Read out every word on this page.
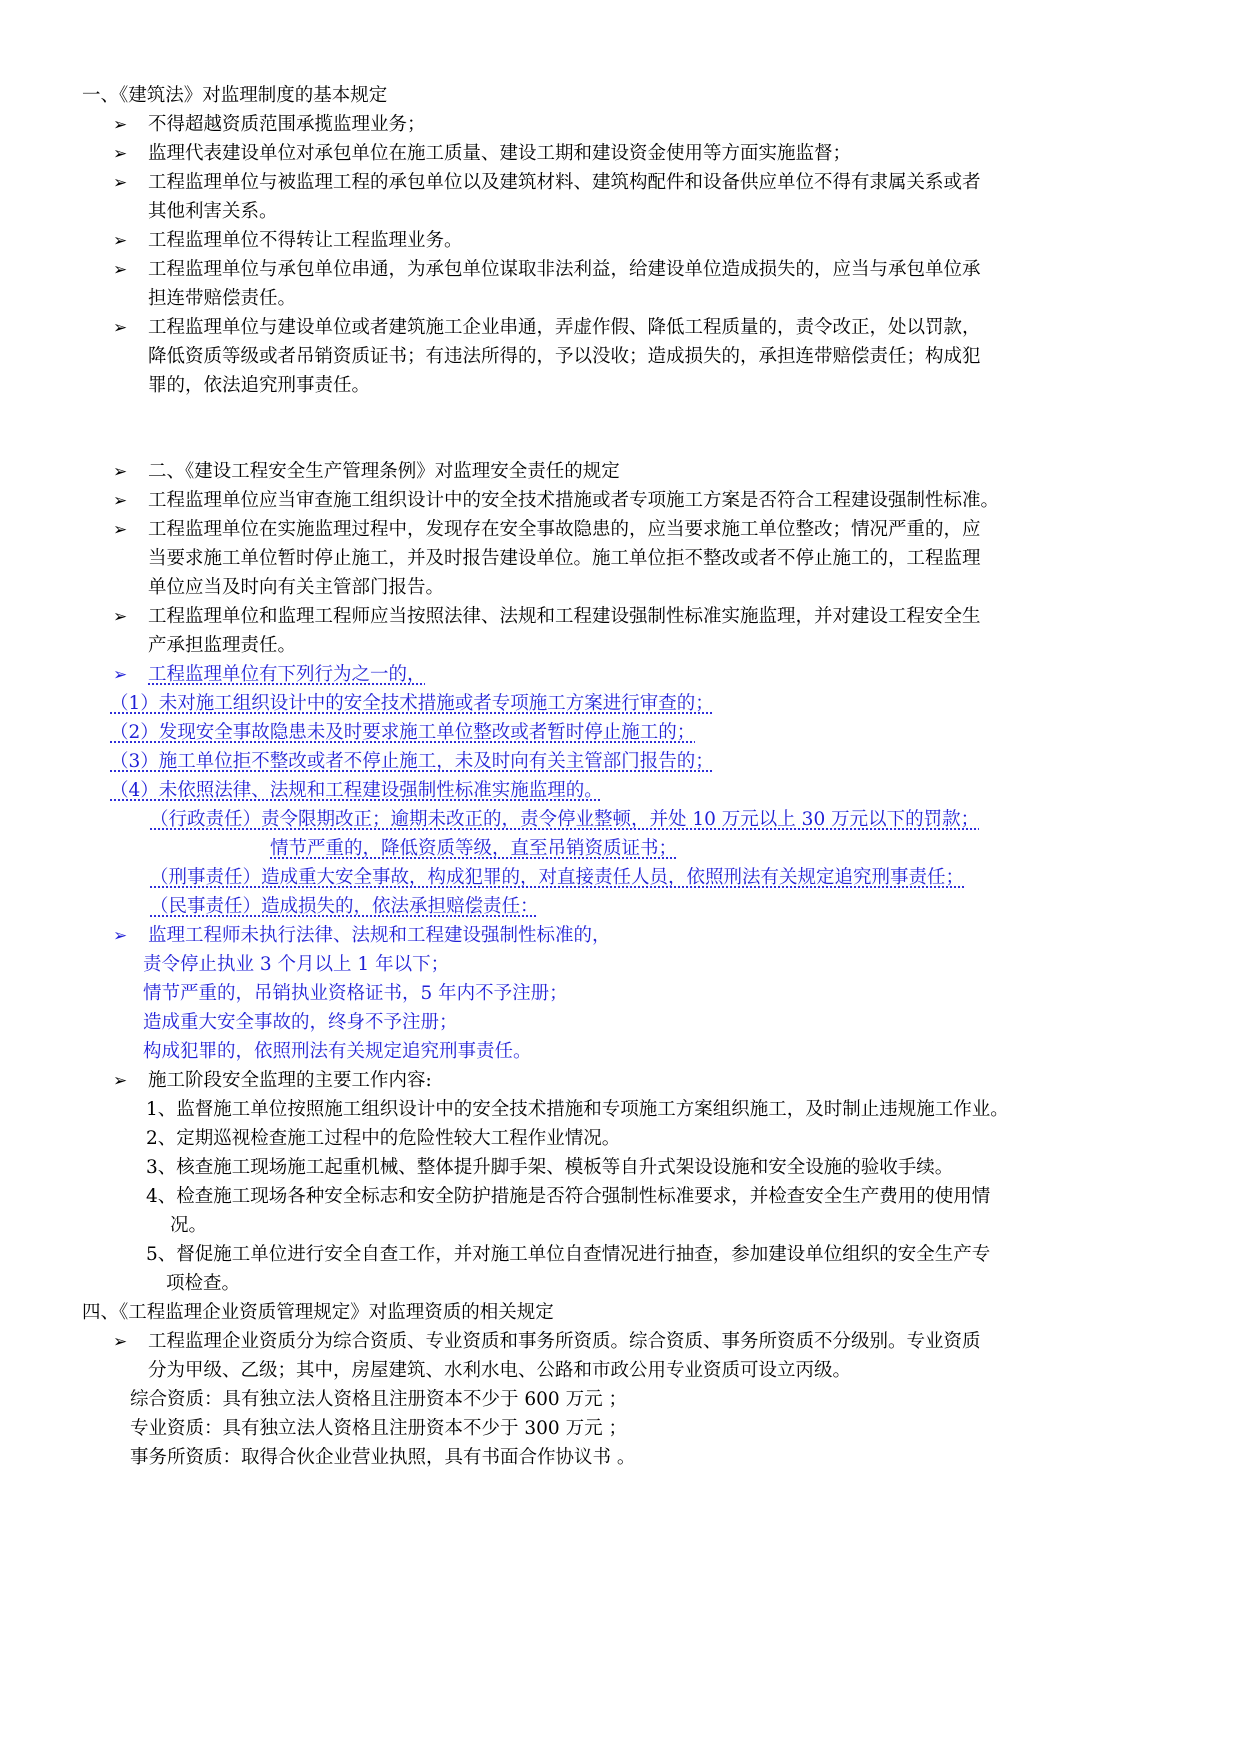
一、《建筑法》对监理制度的基本规定
➢ 不得超越资质范围承揽监理业务；
➢ 监理代表建设单位对承包单位在施工质量、建设工期和建设资金使用等方面实施监督；
➢ 工程监理单位与被监理工程的承包单位以及建筑材料、建筑构配件和设备供应单位不得有隶属关系或者
其他利害关系。
➢ 工程监理单位不得转让工程监理业务。
➢ 工程监理单位与承包单位串通，为承包单位谋取非法利益，给建设单位造成损失的，应当与承包单位承
担连带赔偿责任。
➢ 工程监理单位与建设单位或者建筑施工企业串通，弄虚作假、降低工程质量的，责令改正，处以罚款，
降低资质等级或者吊销资质证书；有违法所得的，予以没收；造成损失的，承担连带赔偿责任；构成犯
罪的，依法追究刑事责任。
➢ 二、《建设工程安全生产管理条例》对监理安全责任的规定
➢ 工程监理单位应当审查施工组织设计中的安全技术措施或者专项施工方案是否符合工程建设强制性标准。
➢ 工程监理单位在实施监理过程中，发现存在安全事故隐患的，应当要求施工单位整改；情况严重的，应
当要求施工单位暂时停止施工，并及时报告建设单位。施工单位拒不整改或者不停止施工的，工程监理
单位应当及时向有关主管部门报告。
➢ 工程监理单位和监理工程师应当按照法律、法规和工程建设强制性标准实施监理，并对建设工程安全生
产承担监理责任。
➢ 工程监理单位有下列行为之一的，
（1）未对施工组织设计中的安全技术措施或者专项施工方案进行审查的；
（2）发现安全事故隐患未及时要求施工单位整改或者暂时停止施工的；
（3）施工单位拒不整改或者不停止施工，未及时向有关主管部门报告的；
（4）未依照法律、法规和工程建设强制性标准实施监理的。
（行政责任）责令限期改正；逾期未改正的，责令停业整顿，并处 10 万元以上 30 万元以下的罚款；
情节严重的，降低资质等级，直至吊销资质证书；
（刑事责任）造成重大安全事故，构成犯罪的，对直接责任人员，依照刑法有关规定追究刑事责任；
（民事责任）造成损失的，依法承担赔偿责任：
➢ 监理工程师未执行法律、法规和工程建设强制性标准的，
责令停止执业 3 个月以上 1 年以下；
情节严重的，吊销执业资格证书，5 年内不予注册；
造成重大安全事故的，终身不予注册；
构成犯罪的，依照刑法有关规定追究刑事责任。
➢ 施工阶段安全监理的主要工作内容:
1、监督施工单位按照施工组织设计中的安全技术措施和专项施工方案组织施工，及时制止违规施工作业。
2、定期巡视检查施工过程中的危险性较大工程作业情况。
3、核查施工现场施工起重机械、整体提升脚手架、模板等自升式架设设施和安全设施的验收手续。
4、检查施工现场各种安全标志和安全防护措施是否符合强制性标准要求，并检查安全生产费用的使用情
况。
5、督促施工单位进行安全自查工作，并对施工单位自查情况进行抽查，参加建设单位组织的安全生产专
项检查。
四、《工程监理企业资质管理规定》对监理资质的相关规定
➢ 工程监理企业资质分为综合资质、专业资质和事务所资质。综合资质、事务所资质不分级别。专业资质
分为甲级、乙级；其中，房屋建筑、水利水电、公路和市政公用专业资质可设立丙级。
综合资质：具有独立法人资格且注册资本不少于 600 万元 ；
专业资质：具有独立法人资格且注册资本不少于 300 万元 ；
事务所资质：取得合伙企业营业执照，具有书面合作协议书 。
